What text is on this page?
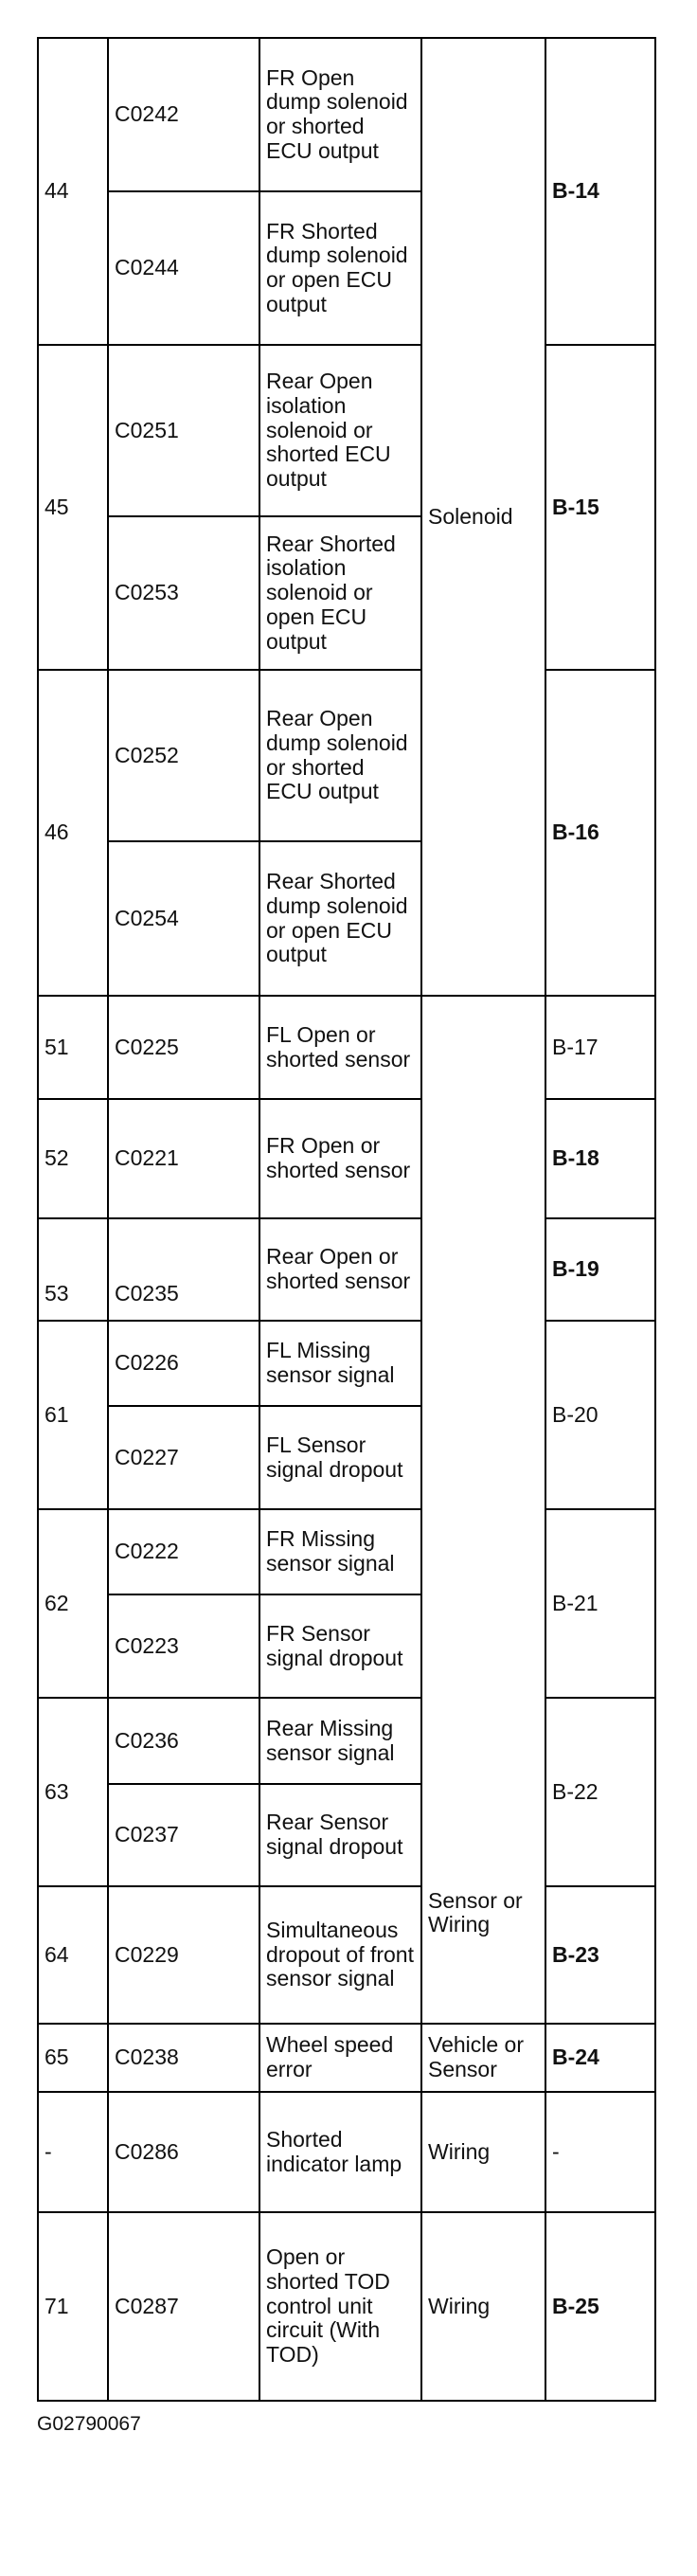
44	C0242	FR Open dump solenoid or shorted ECU output	Solenoid	B-14
	C0244	FR Shorted dump solenoid or open ECU output		
45	C0251	Rear Open isolation solenoid or shorted ECU output		B-15
	C0253	Rear Shorted isolation solenoid or open ECU output		
46	C0252	Rear Open dump solenoid or shorted ECU output		B-16
	C0254	Rear Shorted dump solenoid or open ECU output		
51	C0225	FL Open or shorted sensor	Sensor or Wiring	B-17
52	C0221	FR Open or shorted sensor		B-18
53	C0235	Rear Open or shorted sensor		B-19
61	C0226	FL Missing sensor signal		B-20
	C0227	FL Sensor signal dropout		
62	C0222	FR Missing sensor signal		B-21
	C0223	FR Sensor signal dropout		
63	C0236	Rear Missing sensor signal		B-22
	C0237	Rear Sensor signal dropout		
64	C0229	Simultaneous dropout of front sensor signal		B-23
65	C0238	Wheel speed error	Vehicle or Sensor	B-24
-	C0286	Shorted indicator lamp	Wiring	-
71	C0287	Open or shorted TOD control unit circuit (With TOD)	Wiring	B-25
G02790067
